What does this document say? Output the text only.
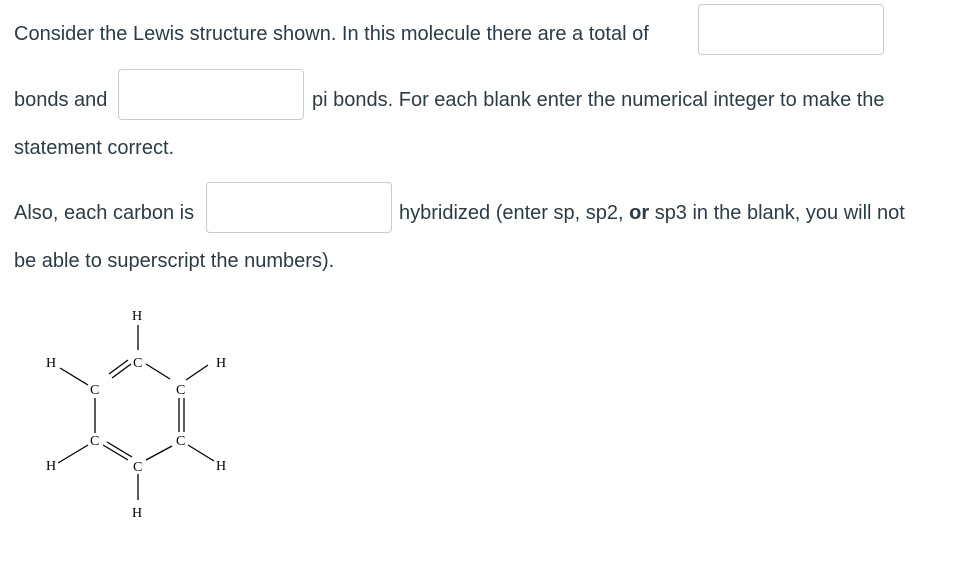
Consider the Lewis structure shown. In this molecule there are a total of
bonds and	pi bonds. For each blank enter the numerical integer to make the
statement correct.
Also, each carbon is	hybridized (enter sp, sp2, or sp3 in the blank, you will not
be able to superscript the numbers).
H
C
H
C
H
C
C
H
C
H
C
H
